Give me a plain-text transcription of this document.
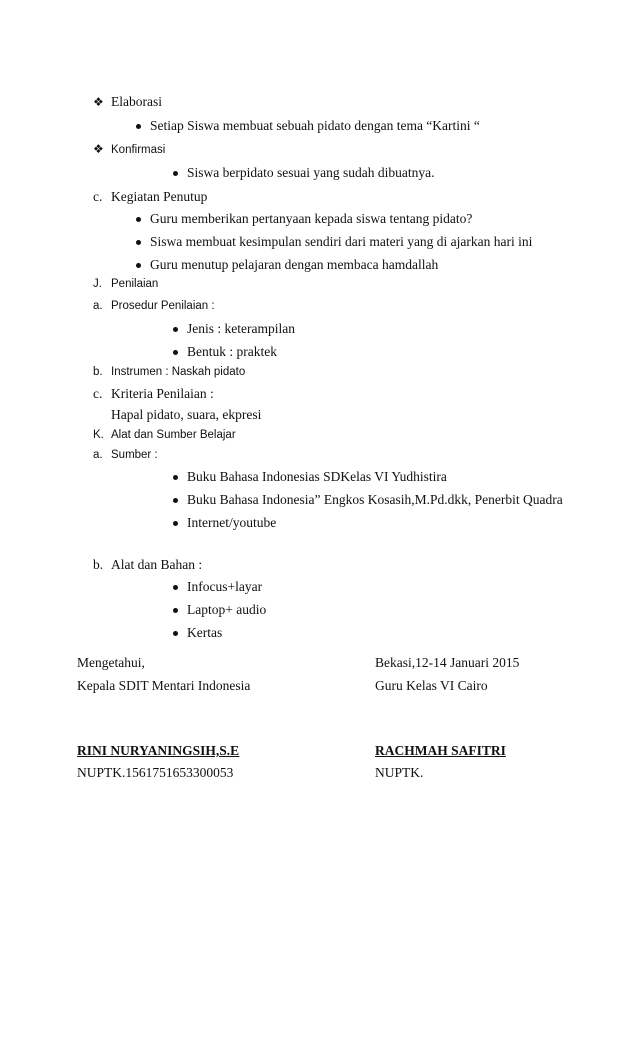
❖ Elaborasi
Setiap Siswa membuat sebuah pidato dengan tema “Kartini “
❖ Konfirmasi
Siswa berpidato sesuai yang sudah dibuatnya.
c. Kegiatan Penutup
Guru memberikan pertanyaan kepada siswa tentang pidato?
Siswa membuat kesimpulan sendiri dari materi yang di ajarkan hari ini
Guru menutup pelajaran dengan membaca hamdallah
J. Penilaian
a. Prosedur Penilaian :
Jenis : keterampilan
Bentuk : praktek
b. Instrumen : Naskah pidato
c. Kriteria Penilaian :
Hapal pidato, suara, ekpresi
K. Alat dan Sumber Belajar
a. Sumber :
Buku Bahasa Indonesias SDKelas VI Yudhistira
Buku Bahasa Indonesia” Engkos Kosasih,M.Pd.dkk, Penerbit Quadra
Internet/youtube
b. Alat dan Bahan :
Infocus+layar
Laptop+ audio
Kertas
Mengetahui,
Kepala SDIT Mentari Indonesia
RINI NURYANINGSIH,S.E
NUPTK.1561751653300053
Bekasi,12-14 Januari 2015
Guru Kelas VI Cairo
RACHMAH SAFITRI
NUPTK.
